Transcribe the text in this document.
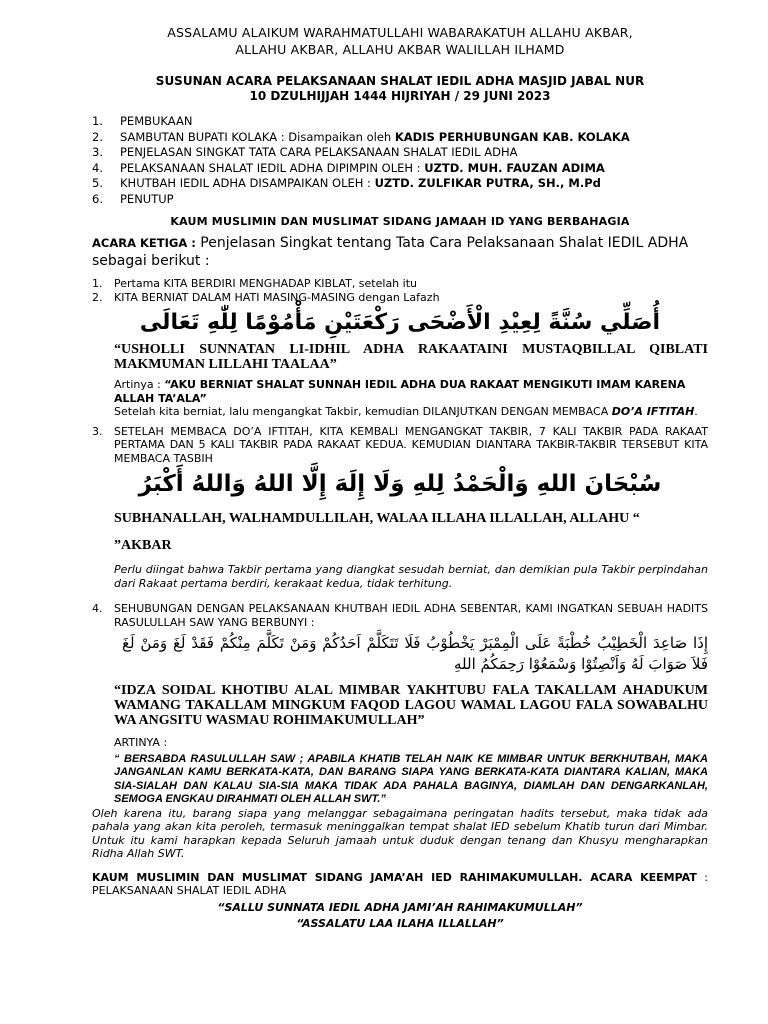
ASSALAMU ALAIKUM WARAHMATULLAHI WABARAKATUH ALLAHU AKBAR,
ALLAHU AKBAR, ALLAHU AKBAR WALILLAH ILHAMD
SUSUNAN ACARA PELAKSANAAN SHALAT IEDIL ADHA MASJID JABAL NUR
10 DZULHIJJAH 1444 HIJRIYAH / 29 JUNI 2023
1. PEMBUKAAN
2. SAMBUTAN BUPATI KOLAKA : Disampaikan oleh KADIS PERHUBUNGAN KAB. KOLAKA
3. PENJELASAN SINGKAT TATA CARA PELAKSANAAN SHALAT IEDIL ADHA
4. PELAKSANAAN SHALAT IEDIL ADHA DIPIMPIN OLEH : UZTD. MUH. FAUZAN ADIMA
5. KHUTBAH IEDIL ADHA DISAMPAIKAN OLEH : UZTD. ZULFIKAR PUTRA, SH., M.Pd
6. PENUTUP
KAUM MUSLIMIN DAN MUSLIMAT SIDANG JAMAAH ID YANG BERBAHAGIA
ACARA KETIGA : Penjelasan Singkat tentang Tata Cara Pelaksanaan Shalat IEDIL ADHA sebagai berikut :
1. Pertama KITA BERDIRI MENGHADAP KIBLAT, setelah itu
2. KITA BERNIAT DALAM HATI MASING-MASING dengan Lafazh
أُصَلِّي سُنَّةً لِعِيْدِ الْأَضْحَى رَكْعَتَيْنِ مَأْمُوْمًا لِلّٰهِ تَعَالَى
“USHOLLI SUNNATAN LI-IDHIL ADHA RAKAATAINI MUSTAQBILLAL QIBLATI MAKMUMAN LILLAHI TAALAA”
Artinya : “AKU BERNIAT SHALAT SUNNAH IEDIL ADHA DUA RAKAAT MENGIKUTI IMAM KARENA ALLAH TA’ALA”
Setelah kita berniat, lalu mengangkat Takbir, kemudian DILANJUTKAN DENGAN MEMBACA DO’A IFTITAH.
3. SETELAH MEMBACA DO’A IFTITAH, KITA KEMBALI MENGANGKAT TAKBIR, 7 KALI TAKBIR PADA RAKAAT PERTAMA DAN 5 KALI TAKBIR PADA RAKAAT KEDUA. KEMUDIAN DIANTARA TAKBIR-TAKBIR TERSEBUT KITA MEMBACA TASBIH
سُبْحَانَ اللهِ وَالْحَمْدُ لِلهِ وَلَا إِلَهَ إِلَّا اللهُ وَاللهُ أَكْبَرُ
SUBHANALLAH, WALHAMDULLILAH, WALAA ILLAHA ILLALLAH, ALLAHU “
”AKBAR
Perlu diingat bahwa Takbir pertama yang diangkat sesudah berniat, dan demikian pula Takbir perpindahan dari Rakaat pertama berdiri, kerakaat kedua, tidak terhitung.
4. SEHUBUNGAN DENGAN PELAKSANAAN KHUTBAH IEDIL ADHA SEBENTAR, KAMI INGATKAN SEBUAH HADITS RASULULLAH SAW YANG BERBUNYI :
إِذَا صَاعِدَ الْخَطِيْبُ خُطْبَةً عَلَى الْمِمْبَرْ يَخْطُوْبُ فَلَا تَتَكَلَّمْ اَحَدُكُمْ وَمَنْ تَكَلَّمَ مِنْكُمْ فَقَدْ لَغَ وَمَنْ لَغَ فَلاَ صَوَابَ لَهُ وَاَنْصِتُوْا وَسْمَعُوْا رَحِمَكُمُ اللهِ
“IDZA SOIDAL KHOTIBU ALAL MIMBAR YAKHTUBU FALA TAKALLAM AHADUKUM WAMANG TAKALLAM MINGKUM FAQOD LAGOU WAMAL LAGOU FALA SOWABALHU WA ANGSITU WASMAU ROHIMAKUMULLAH”
ARTINYA :
“ BERSABDA RASULULLAH SAW ; APABILA KHATIB TELAH NAIK KE MIMBAR UNTUK BERKHUTBAH, MAKA JANGANLAN KAMU BERKATA-KATA, DAN BARANG SIAPA YANG BERKATA-KATA DIANTARA KALIAN, MAKA SIA-SIALAH DAN KALAU SIA-SIA MAKA TIDAK ADA PAHALA BAGINYA, DIAMLAH DAN DENGARKANLAH, SEMOGA ENGKAU DIRAHMATI OLEH ALLAH SWT.”
Oleh karena itu, barang siapa yang melanggar sebagaimana peringatan hadits tersebut, maka tidak ada pahala yang akan kita peroleh, termasuk meninggalkan tempat shalat IED sebelum Khatib turun dari Mimbar. Untuk itu kami harapkan kepada Seluruh jamaah untuk duduk dengan tenang dan Khusyu mengharapkan Ridha Allah SWT.
KAUM MUSLIMIN DAN MUSLIMAT SIDANG JAMA’AH IED RAHIMAKUMULLAH. ACARA KEEMPAT : PELAKSANAAN SHALAT IEDIL ADHA
“SALLU SUNNATA IEDIL ADHA JAMI’AH RAHIMAKUMULLAH”
“ASSALATU LAA ILAHA ILLALLAH”
